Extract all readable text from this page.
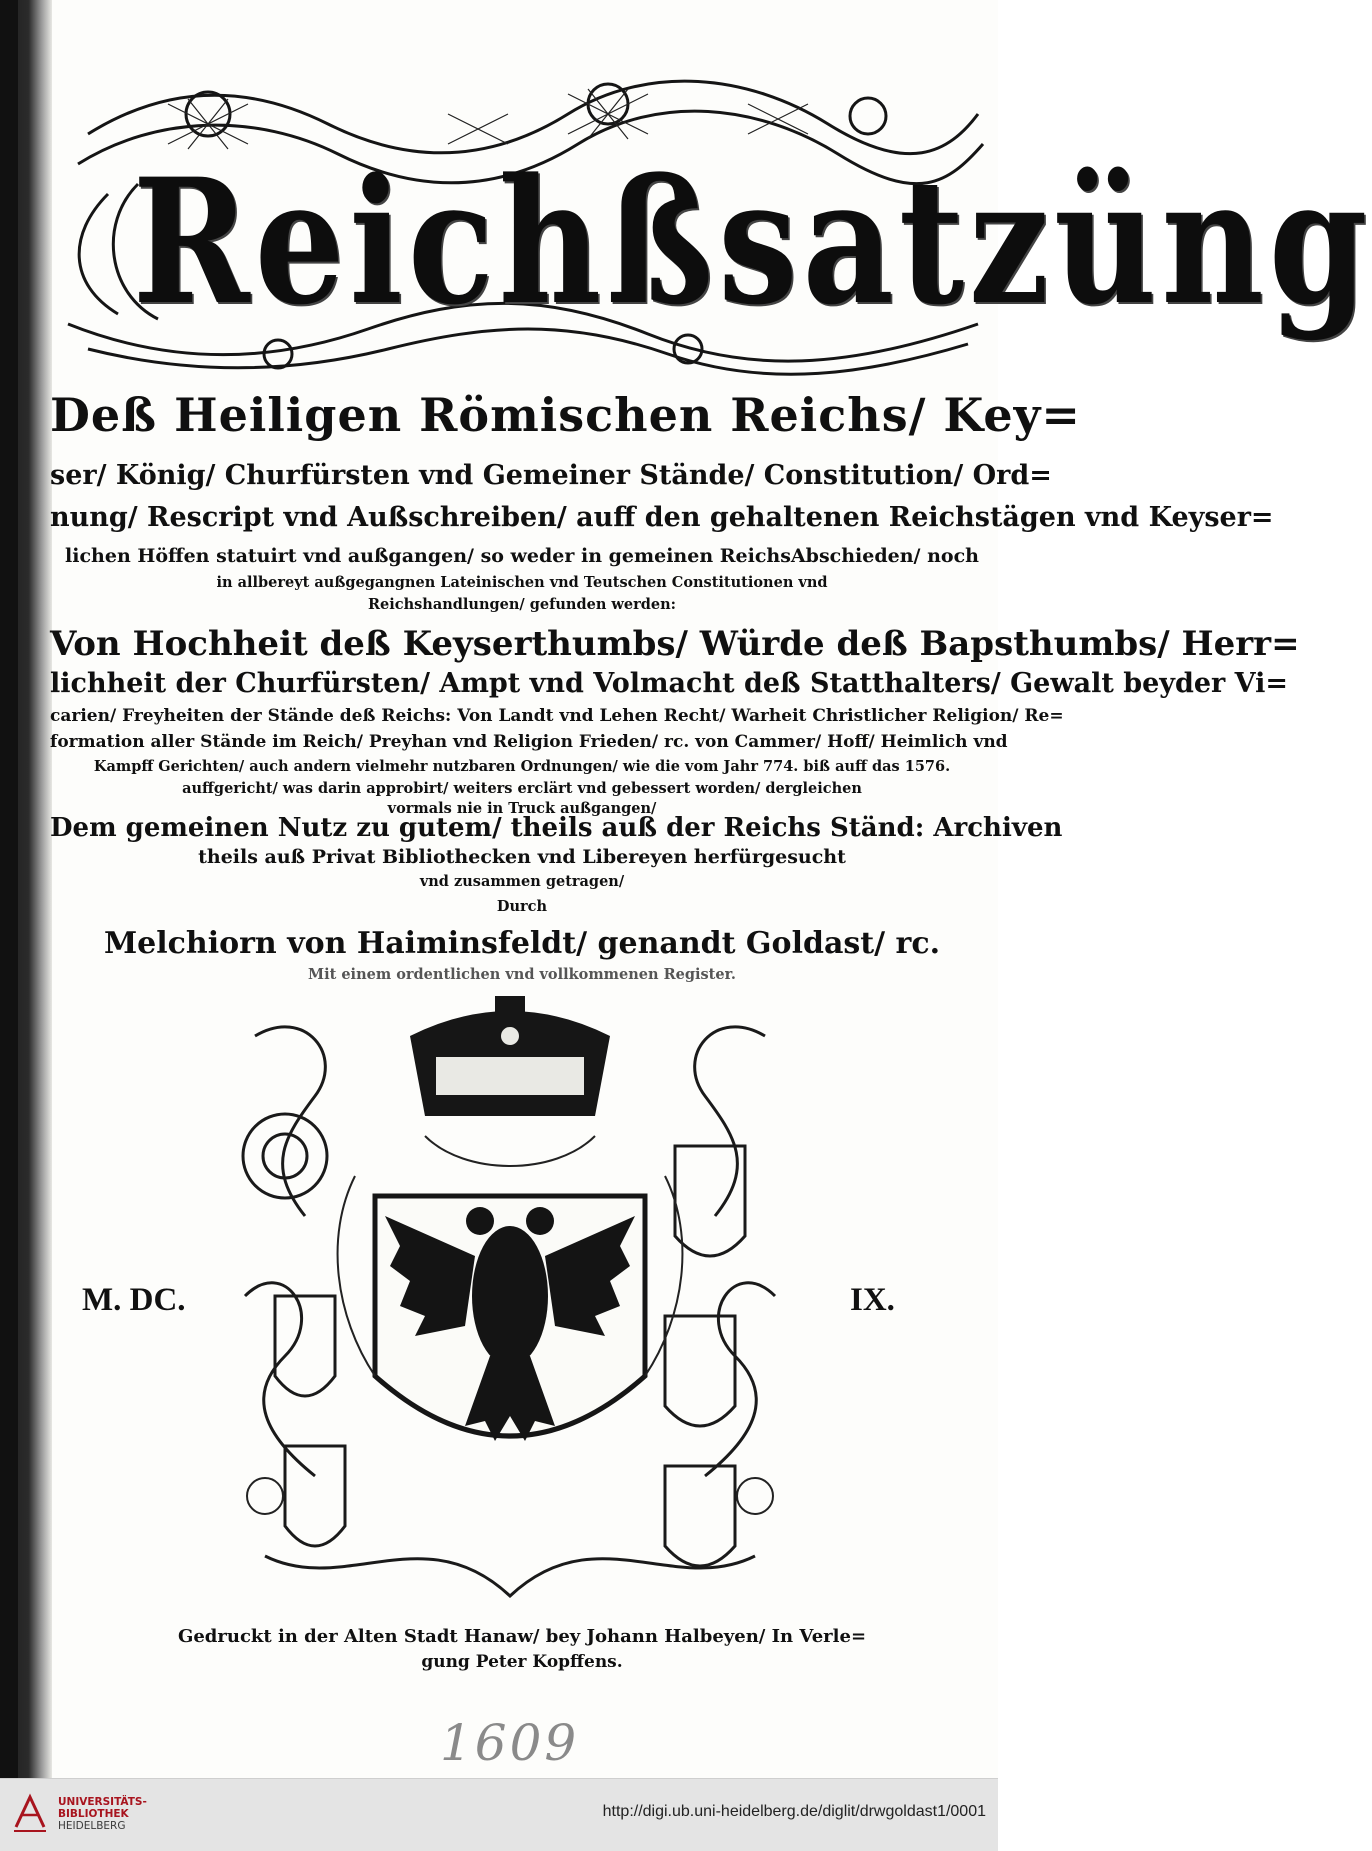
Reichßsatzüng
Deß Heiligen Römischen Reichs/ Key=
ser/ König/ Churfürsten vnd Gemeiner Stände/ Constitution/ Ord=
nung/ Rescript vnd Außschreiben/ auff den gehaltenen Reichstägen vnd Keyser=
lichen Höffen statuirt vnd außgangen/ so weder in gemeinen ReichsAbschieden/ noch
in allbereyt außgegangnen Lateinischen vnd Teutschen Constitutionen vnd
Reichshandlungen/ gefunden werden:
Von Hochheit deß Keyserthumbs/ Würde deß Bapsthumbs/ Herr=
lichheit der Churfürsten/ Ampt vnd Volmacht deß Statthalters/ Gewalt beyder Vi=
carien/ Freyheiten der Stände deß Reichs: Von Landt vnd Lehen Recht/ Warheit Christlicher Religion/ Re=
formation aller Stände im Reich/ Preyhan vnd Religion Frieden/ rc. von Cammer/ Hoff/ Heimlich vnd
Kampff Gerichten/ auch andern vielmehr nutzbaren Ordnungen/ wie die vom Jahr 774. biß auff das 1576.
auffgericht/ was darin approbirt/ weiters erclärt vnd gebessert worden/ dergleichen
vormals nie in Truck außgangen/
Dem gemeinen Nutz zu gutem/ theils auß der Reichs Ständ: Archiven
theils auß Privat Bibliothecken vnd Libereyen herfürgesucht
vnd zusammen getragen/
Durch
Melchiorn von Haiminsfeldt/ genandt Goldast/ rc.
Mit einem ordentlichen vnd vollkommenen Register.
M. DC.	IX.
Gedruckt in der Alten Stadt Hanaw/ bey Johann Halbeyen/ In Verle=
gung Peter Kopffens.
1609
UNIVERSITÄTS-
BIBLIOTHEK
HEIDELBERG
http://digi.ub.uni-heidelberg.de/diglit/drwgoldast1/0001
